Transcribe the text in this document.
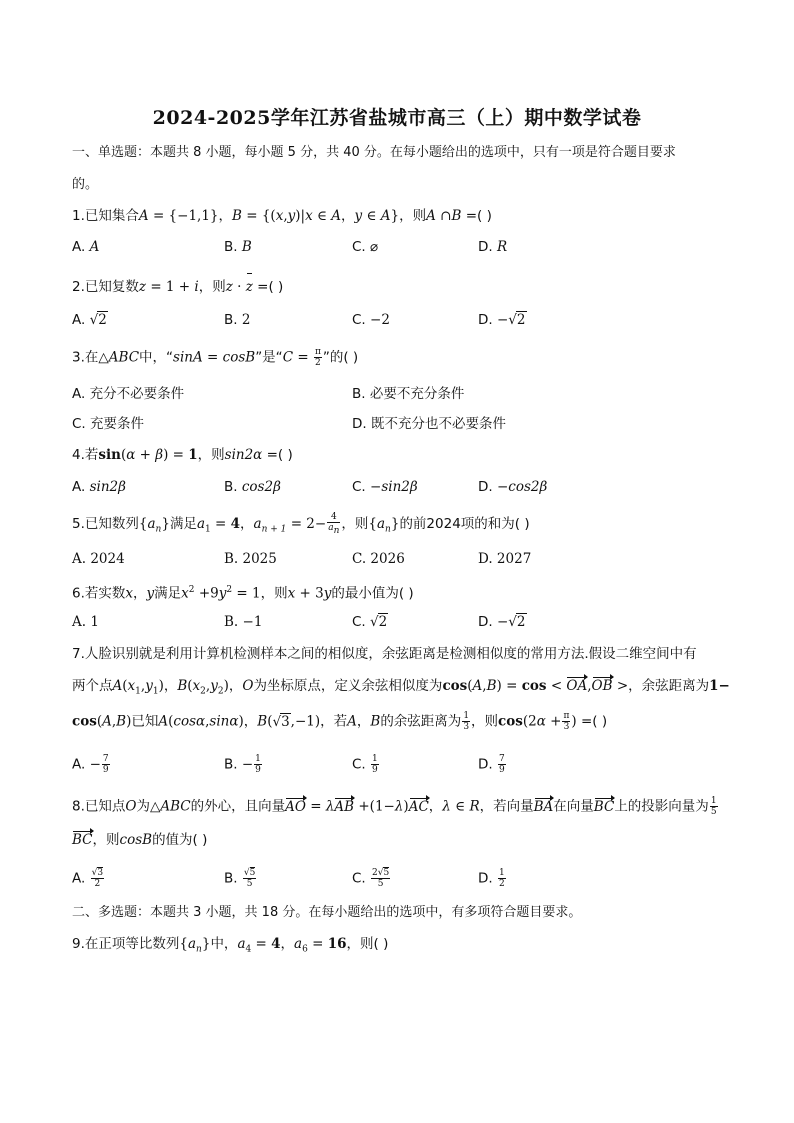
2024-2025学年江苏省盐城市高三（上）期中数学试卷
一、单选题：本题共 8 小题，每小题 5 分，共 40 分。在每小题给出的选项中，只有一项是符合题目要求
的。
1.已知集合A = {−1,1}，B = {(x,y)|x ∈ A，y ∈ A}，则A ∩B =( )
A. A	B. B	C. ⌀	D. R
2.已知复数z = 1 + i，则z · z =( )
A. √2	B. 2	C. −2	D. −√2
3.在△ABC中，“sinA = cosB”是“$C = \frac{\pi}{2}$ ”的( )
A. 充分不必要条件	B. 必要不充分条件
C. 充要条件	D. 既不充分也不必要条件
4.若sin(α + β) = 1，则sin2α =( )
A. sin2β	B. cos2β	C. −sin2β	D. −cos2β
5.已知数列$\{a_n\}$满足$a_1 = 4$，$a_{n + 1} = 2- \frac{4}{a_n}$ ，则$\{a_n\}$的前2024项的和为( )
A. 2024	B. 2025	C. 2026	D. 2027
6.若实数x，y满足$x^2 +9y^2 = 1$，则x + 3y的最小值为( )
A. 1	B. −1	C. √2	D. −√2
7.人脸识别就是利用计算机检测样本之间的相似度，余弦距离是检测相似度的常用方法.假设二维空间中有
两个点$A(x_1,y_1)$，$B(x_2,y_2)$，O为坐标原点，定义余弦相似度为cos(A,B) = cos < OA,OB >，余弦距离为1−
cos(A,B)已知A(cosα,sinα)，B(√3,−1)，若A，B的余弦距离为 $\frac{1}{3}$ ，则$\cos(2\alpha + \frac{\pi}{3}$ ) =( )
A. − $\frac{7}{9}$	B. − $\frac{1}{9}$	C. $\frac{1}{9}$	D. $\frac{7}{9}$
8.已知点O为△ABC的外心，且向量AO = λAB +(1−λ)AC，λ ∈ R，若向量BA在向量BC上的投影向量为 $\frac{1}{5}$
BC，则cosB的值为( )
A. $\frac{√3}{2}$	B. $\frac{√5}{5}$	C. $\frac{2√5}{5}$	D. $\frac{1}{2}$
二、多选题：本题共 3 小题，共 18 分。在每小题给出的选项中，有多项符合题目要求。
9.在正项等比数列$\{a_n\}$中，$a_4 = 4$，$a_6 = 16$，则( )
